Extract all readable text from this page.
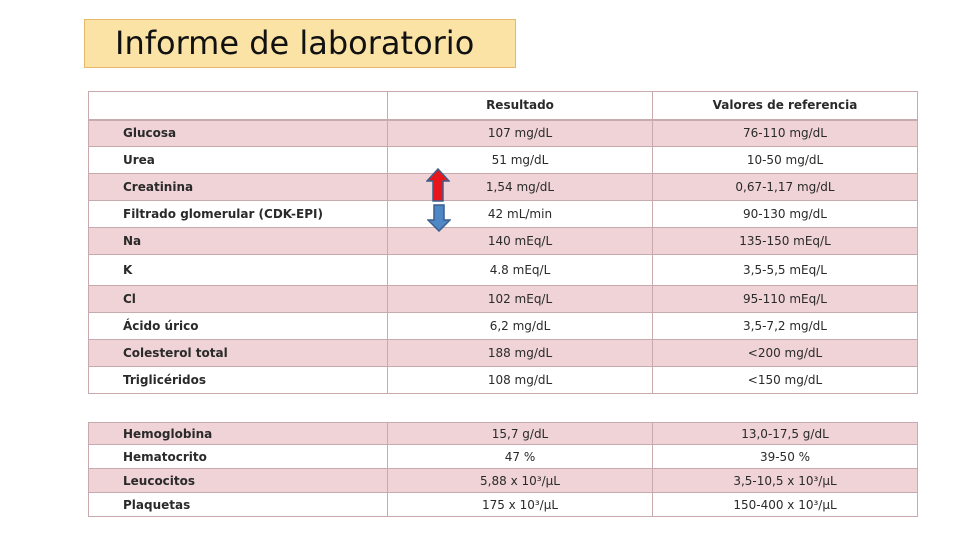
Informe de laboratorio
	Resultado	Valores de referencia
Glucosa	107 mg/dL	76-110 mg/dL
Urea	51 mg/dL	10-50 mg/dL
Creatinina	1,54 mg/dL	0,67-1,17 mg/dL
Filtrado glomerular (CDK-EPI)	42 mL/min	90-130 mg/dL
Na	140 mEq/L	135-150 mEq/L
K	4.8 mEq/L	3,5-5,5 mEq/L
Cl	102 mEq/L	95-110 mEq/L
Ácido úrico	6,2 mg/dL	3,5-7,2 mg/dL
Colesterol total	188 mg/dL	<200 mg/dL
Triglicéridos	108 mg/dL	<150 mg/dL
Hemoglobina	15,7 g/dL	13,0-17,5 g/dL
Hematocrito	47 %	39-50 %
Leucocitos	5,88 x 10³/µL	3,5-10,5 x 10³/µL
Plaquetas	175 x 10³/µL	150-400 x 10³/µL
